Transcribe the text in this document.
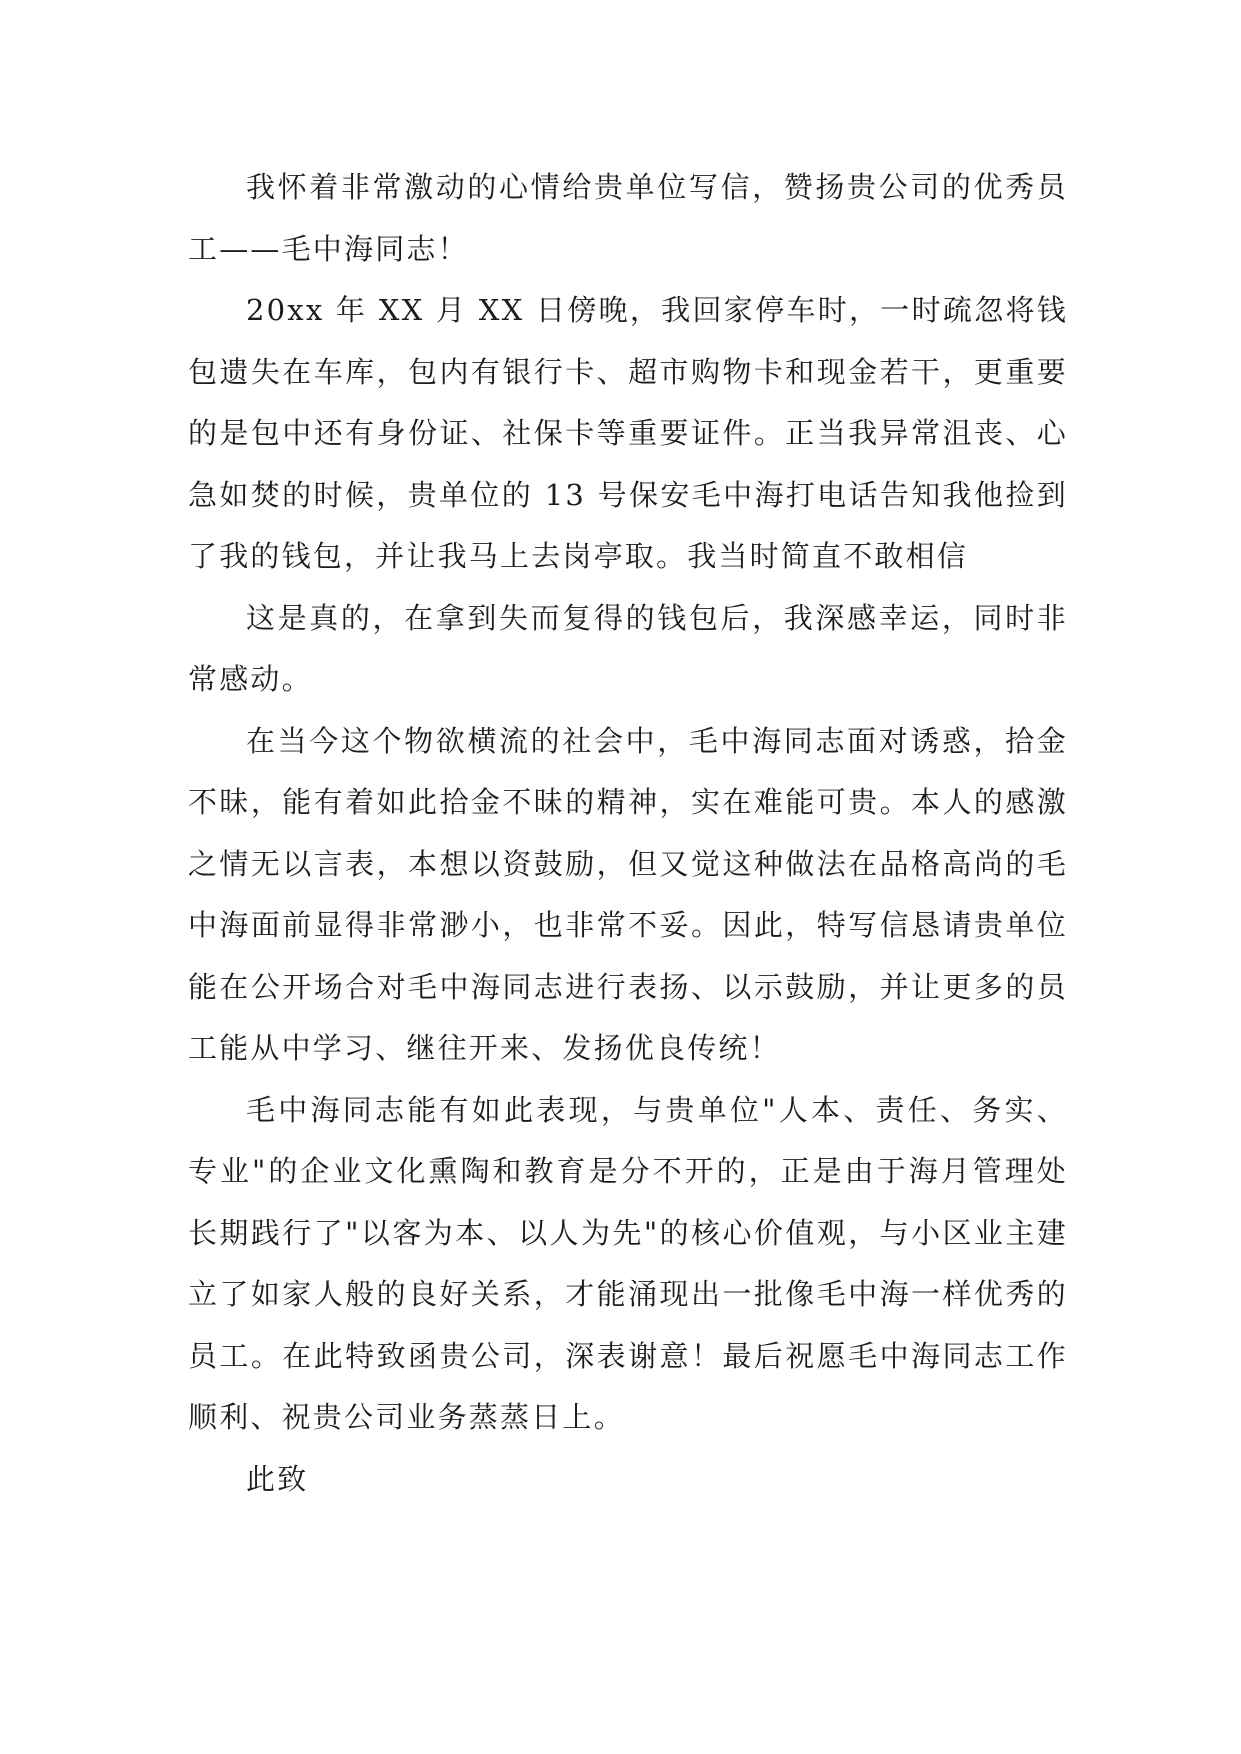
我怀着非常激动的心情给贵单位写信，赞扬贵公司的优秀员工——毛中海同志！

20xx 年 XX 月 XX 日傍晚，我回家停车时，一时疏忽将钱包遗失在车库，包内有银行卡、超市购物卡和现金若干，更重要的是包中还有身份证、社保卡等重要证件。正当我异常沮丧、心急如焚的时候，贵单位的 13 号保安毛中海打电话告知我他捡到了我的钱包，并让我马上去岗亭取。我当时简直不敢相信

这是真的，在拿到失而复得的钱包后，我深感幸运，同时非常感动。

在当今这个物欲横流的社会中，毛中海同志面对诱惑，拾金不昧，能有着如此拾金不昧的精神，实在难能可贵。本人的感激之情无以言表，本想以资鼓励，但又觉这种做法在品格高尚的毛中海面前显得非常渺小，也非常不妥。因此，特写信恳请贵单位能在公开场合对毛中海同志进行表扬、以示鼓励，并让更多的员工能从中学习、继往开来、发扬优良传统！

毛中海同志能有如此表现，与贵单位"人本、责任、务实、专业"的企业文化熏陶和教育是分不开的，正是由于海月管理处长期践行了"以客为本、以人为先"的核心价值观，与小区业主建立了如家人般的良好关系，才能涌现出一批像毛中海一样优秀的员工。在此特致函贵公司，深表谢意！最后祝愿毛中海同志工作顺利、祝贵公司业务蒸蒸日上。

此致
